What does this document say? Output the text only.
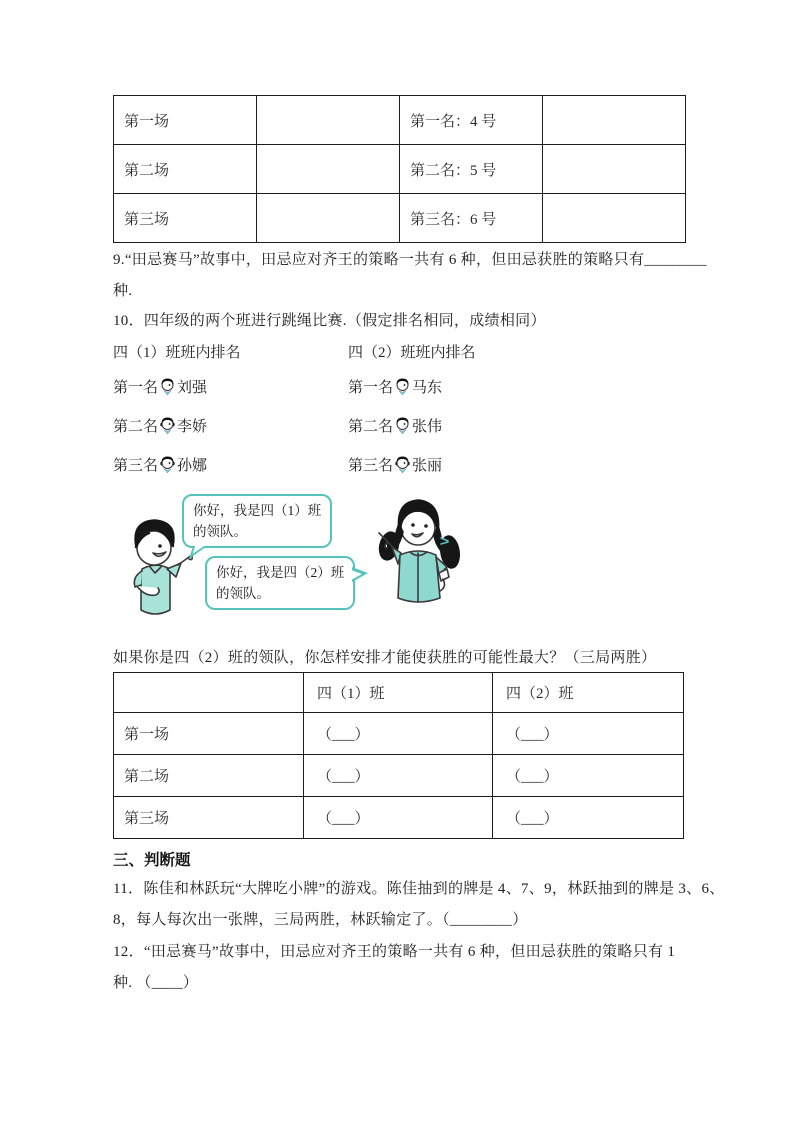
第一场		第一名：4 号	
第二场		第二名：5 号	
第三场		第三名：6 号	
9.“田忌赛马”故事中，田忌应对齐王的策略一共有 6 种，但田忌获胜的策略只有________
种.
10．四年级的两个班进行跳绳比赛.（假定排名相同，成绩相同）
四（1）班班内排名	四（2）班班内排名
第一名 刘强	第一名 马东
第二名 李娇	第二名 张伟
第三名 孙娜	第三名 张丽
你好，我是四（1）班
的领队。
你好，我是四（2）班
的领队。
如果你是四（2）班的领队，你怎样安排才能使获胜的可能性最大？（三局两胜）
	四（1）班	四（2）班
第一场	（___）	（___）
第二场	（___）	（___）
第三场	（___）	（___）
三、判断题
11．陈佳和林跃玩“大牌吃小牌”的游戏。陈佳抽到的牌是 4、7、9，林跃抽到的牌是 3、6、
8，每人每次出一张牌，三局两胜，林跃输定了。（________）
12．“田忌赛马”故事中，田忌应对齐王的策略一共有 6 种，但田忌获胜的策略只有 1
种. （____）
